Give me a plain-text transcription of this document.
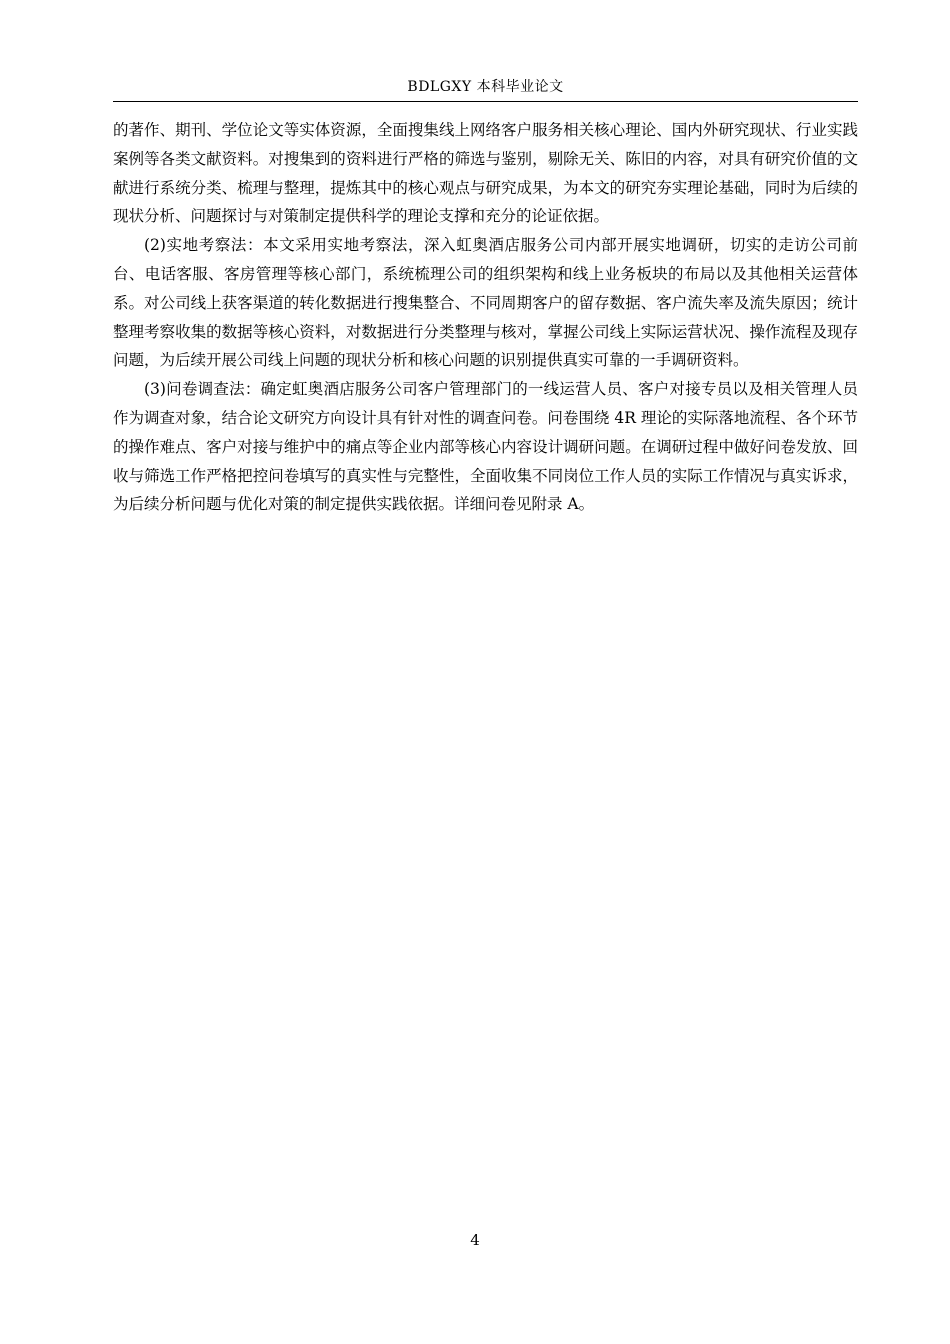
BDLGXY 本科毕业论文

的著作、期刊、学位论文等实体资源，全面搜集线上网络客户服务相关核心理论、国内外研究现状、行业实践案例等各类文献资料。对搜集到的资料进行严格的筛选与鉴别，剔除无关、陈旧的内容，对具有研究价值的文献进行系统分类、梳理与整理，提炼其中的核心观点与研究成果，为本文的研究夯实理论基础，同时为后续的现状分析、问题探讨与对策制定提供科学的理论支撑和充分的论证依据。

(2)实地考察法：本文采用实地考察法，深入虹奥酒店服务公司内部开展实地调研，切实的走访公司前台、电话客服、客房管理等核心部门，系统梳理公司的组织架构和线上业务板块的布局以及其他相关运营体系。对公司线上获客渠道的转化数据进行搜集整合、不同周期客户的留存数据、客户流失率及流失原因；统计整理考察收集的数据等核心资料，对数据进行分类整理与核对，掌握公司线上实际运营状况、操作流程及现存问题，为后续开展公司线上问题的现状分析和核心问题的识别提供真实可靠的一手调研资料。

(3)问卷调查法：确定虹奥酒店服务公司客户管理部门的一线运营人员、客户对接专员以及相关管理人员作为调查对象，结合论文研究方向设计具有针对性的调查问卷。问卷围绕 4R 理论的实际落地流程、各个环节的操作难点、客户对接与维护中的痛点等企业内部等核心内容设计调研问题。在调研过程中做好问卷发放、回收与筛选工作严格把控问卷填写的真实性与完整性，全面收集不同岗位工作人员的实际工作情况与真实诉求，为后续分析问题与优化对策的制定提供实践依据。详细问卷见附录 A。

4
